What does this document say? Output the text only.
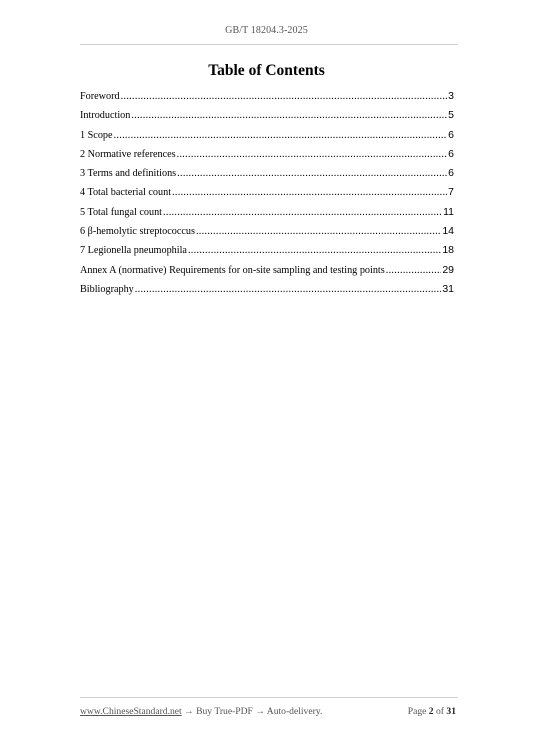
GB/T 18204.3-2025
Table of Contents
Foreword .....	3
Introduction .....	5
1 Scope .....	6
2 Normative references .....	6
3 Terms and definitions .....	6
4 Total bacterial count .....	7
5 Total fungal count .....	11
6 β-hemolytic streptococcus .....	14
7 Legionella pneumophila .....	18
Annex A (normative) Requirements for on-site sampling and testing points .....	29
Bibliography .....	31
www.ChineseStandard.net → Buy True-PDF → Auto-delivery.	Page 2 of 31
